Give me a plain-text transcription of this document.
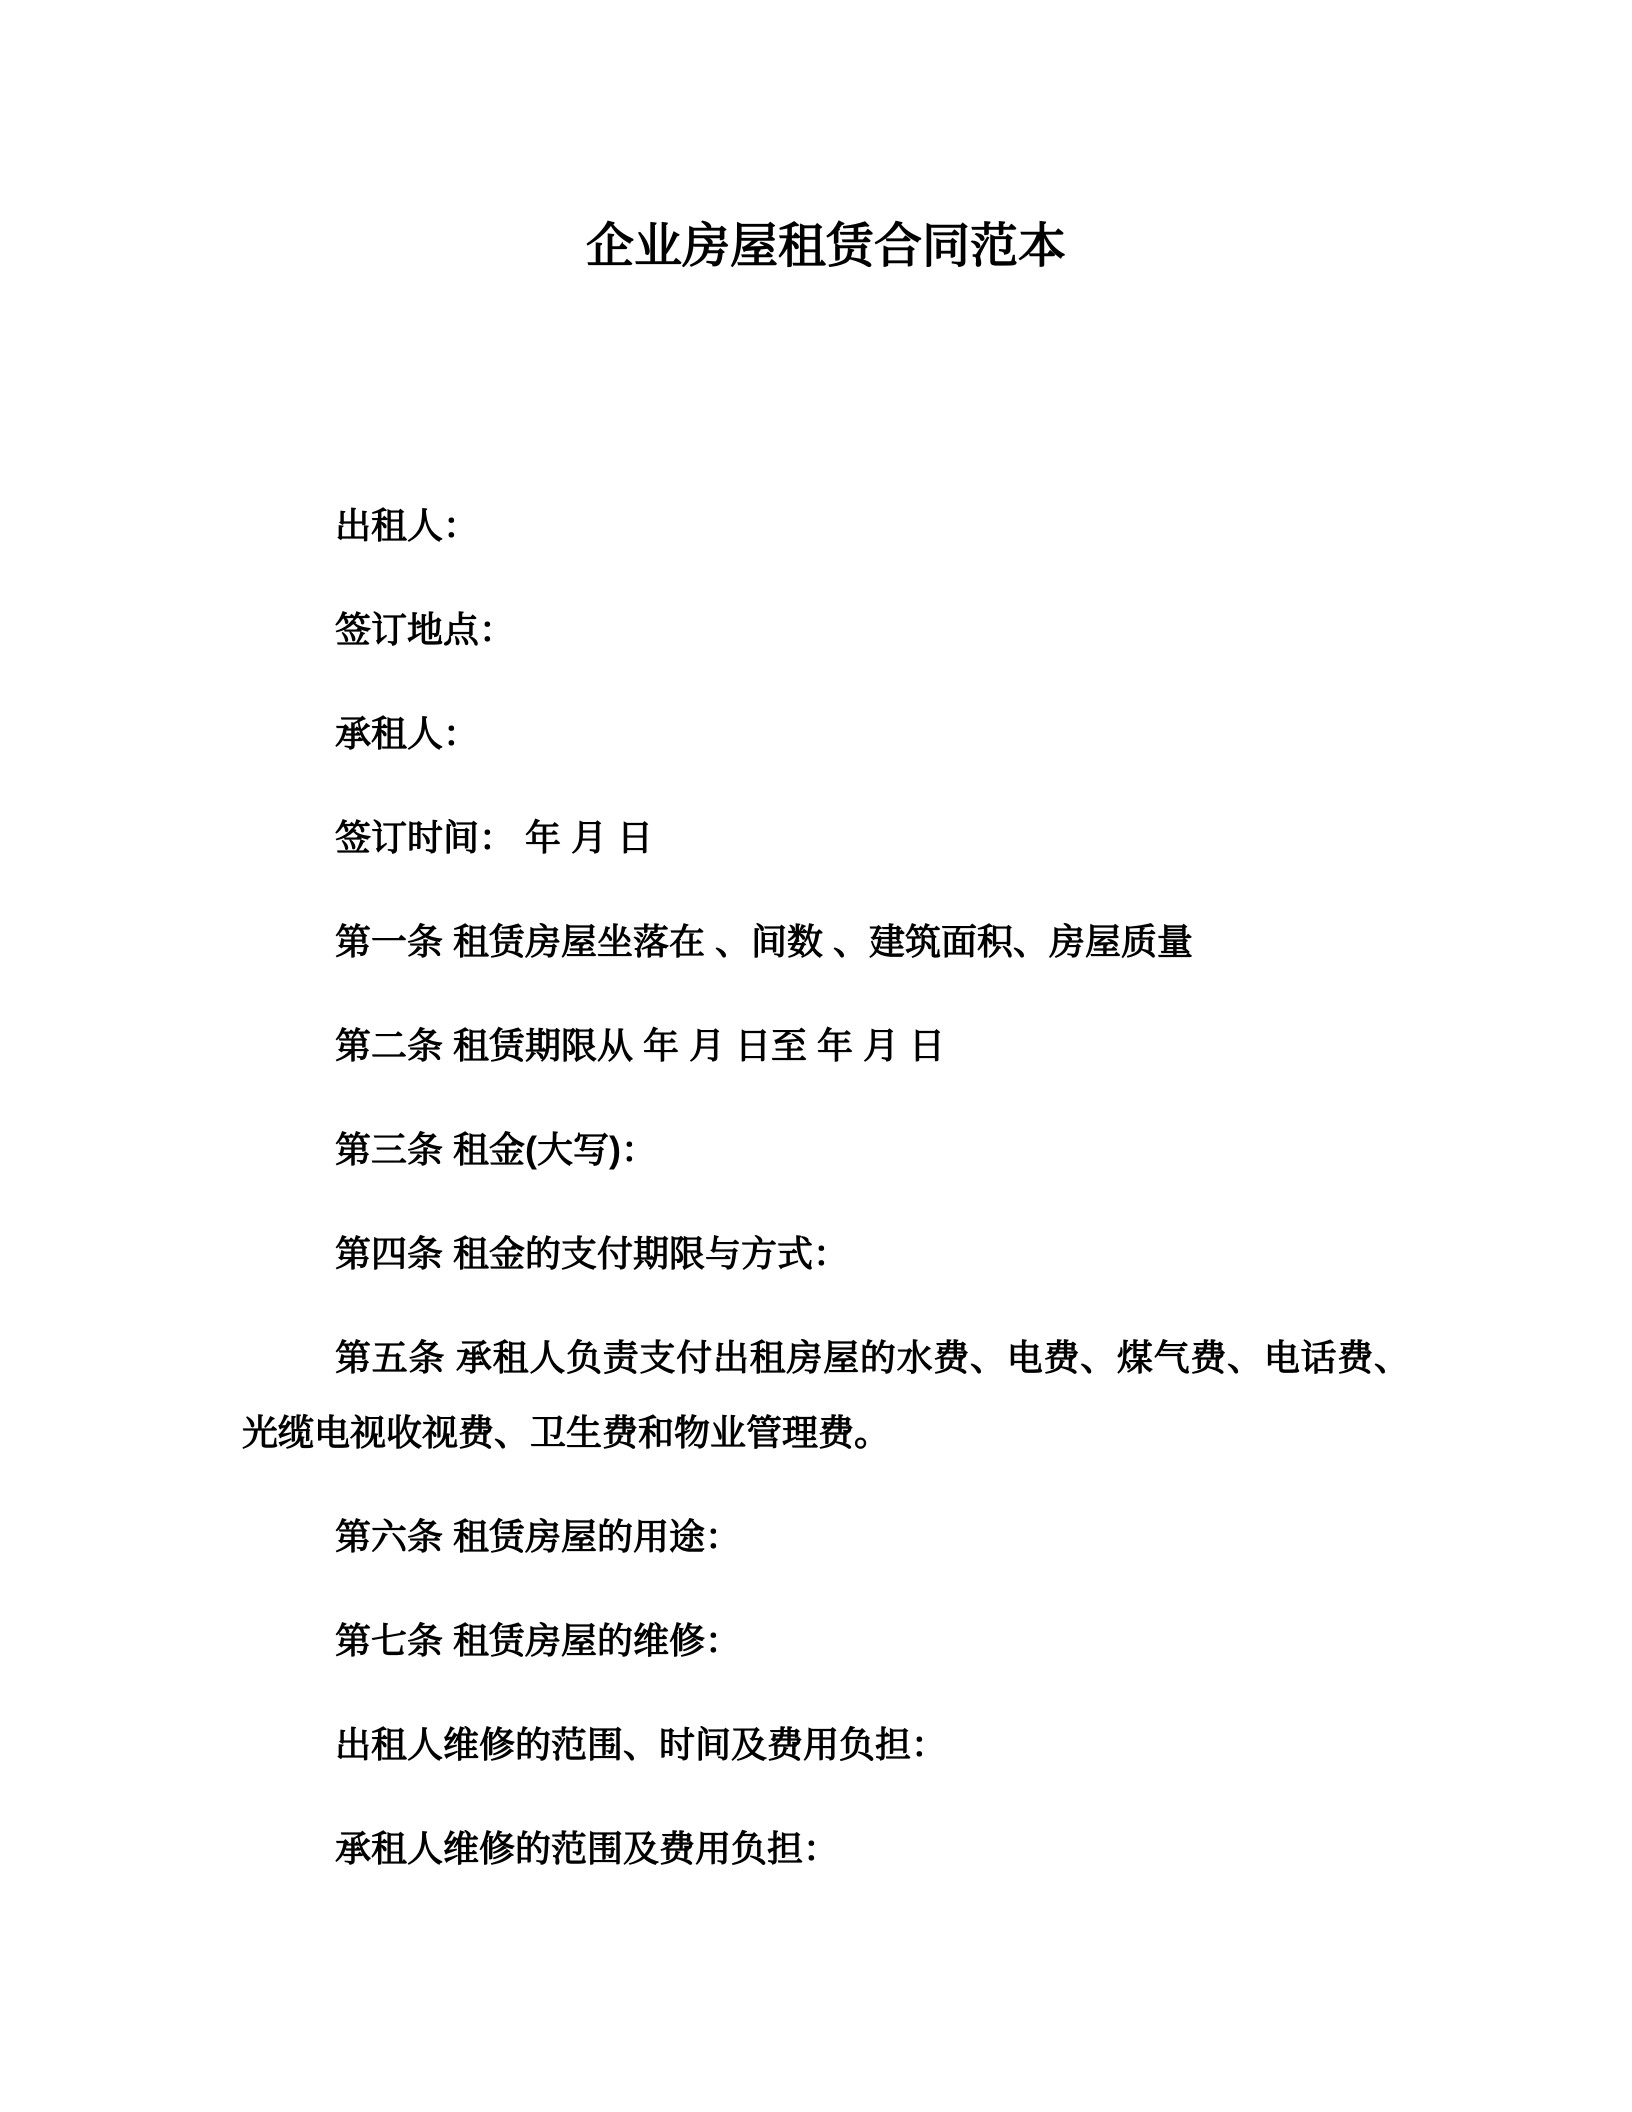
企业房屋租赁合同范本

出租人：

签订地点：

承租人：

签订时间： 年 月 日

第一条 租赁房屋坐落在 、间数 、建筑面积、房屋质量

第二条 租赁期限从 年 月 日至 年 月 日

第三条 租金(大写)：

第四条 租金的支付期限与方式：

第五条 承租人负责支付出租房屋的水费、电费、煤气费、电话费、光缆电视收视费、卫生费和物业管理费。

第六条 租赁房屋的用途：

第七条 租赁房屋的维修：

出租人维修的范围、时间及费用负担：

承租人维修的范围及费用负担：
